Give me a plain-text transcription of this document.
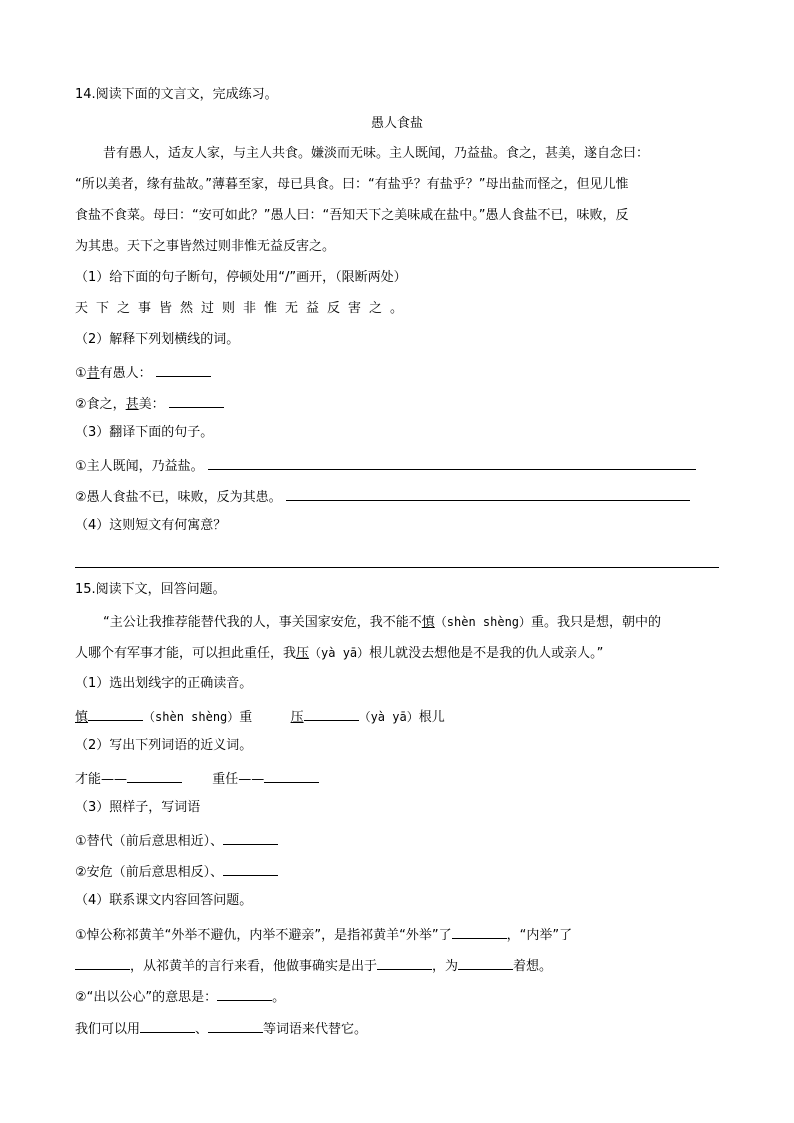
14.阅读下面的文言文，完成练习。
愚人食盐
昔有愚人，适友人家，与主人共食。嫌淡而无味。主人既闻，乃益盐。食之，甚美，遂自念曰：
“所以美者，缘有盐故。”薄暮至家，母已具食。曰：“有盐乎？有盐乎？”母出盐而怪之，但见儿惟
食盐不食菜。母曰：“安可如此？”愚人曰：“吾知天下之美味咸在盐中。”愚人食盐不已，味败，反
为其患。天下之事皆然过则非惟无益反害之。
（1）给下面的句子断句，停顿处用“/”画开，（限断两处）
天下之事皆然过则非惟无益反害之。
（2）解释下列划横线的词。
①昔有愚人：
②食之，甚美：
（3）翻译下面的句子。
①主人既闻，乃益盐。
②愚人食盐不已，味败，反为其患。
（4）这则短文有何寓意？
15.阅读下文，回答问题。
“主公让我推荐能替代我的人，事关国家安危，我不能不慎（shèn shèng）重。我只是想，朝中的
人哪个有军事才能，可以担此重任，我压（yà yā）根儿就没去想他是不是我的仇人或亲人。”
（1）选出划线字的正确读音。
慎	（shèn shèng）重	压	（yà yā）根儿
（2）写出下列词语的近义词。
才能——	重任——
（3）照样子，写词语
①替代（前后意思相近）、
②安危（前后意思相反）、
（4）联系课文内容回答问题。
①悼公称祁黄羊“外举不避仇，内举不避亲”，是指祁黄羊“外举”了	，“内举”了
，从祁黄羊的言行来看，他做事确实是出于	，为	着想。
②“出以公心”的意思是：	。
我们可以用	、	等词语来代替它。
